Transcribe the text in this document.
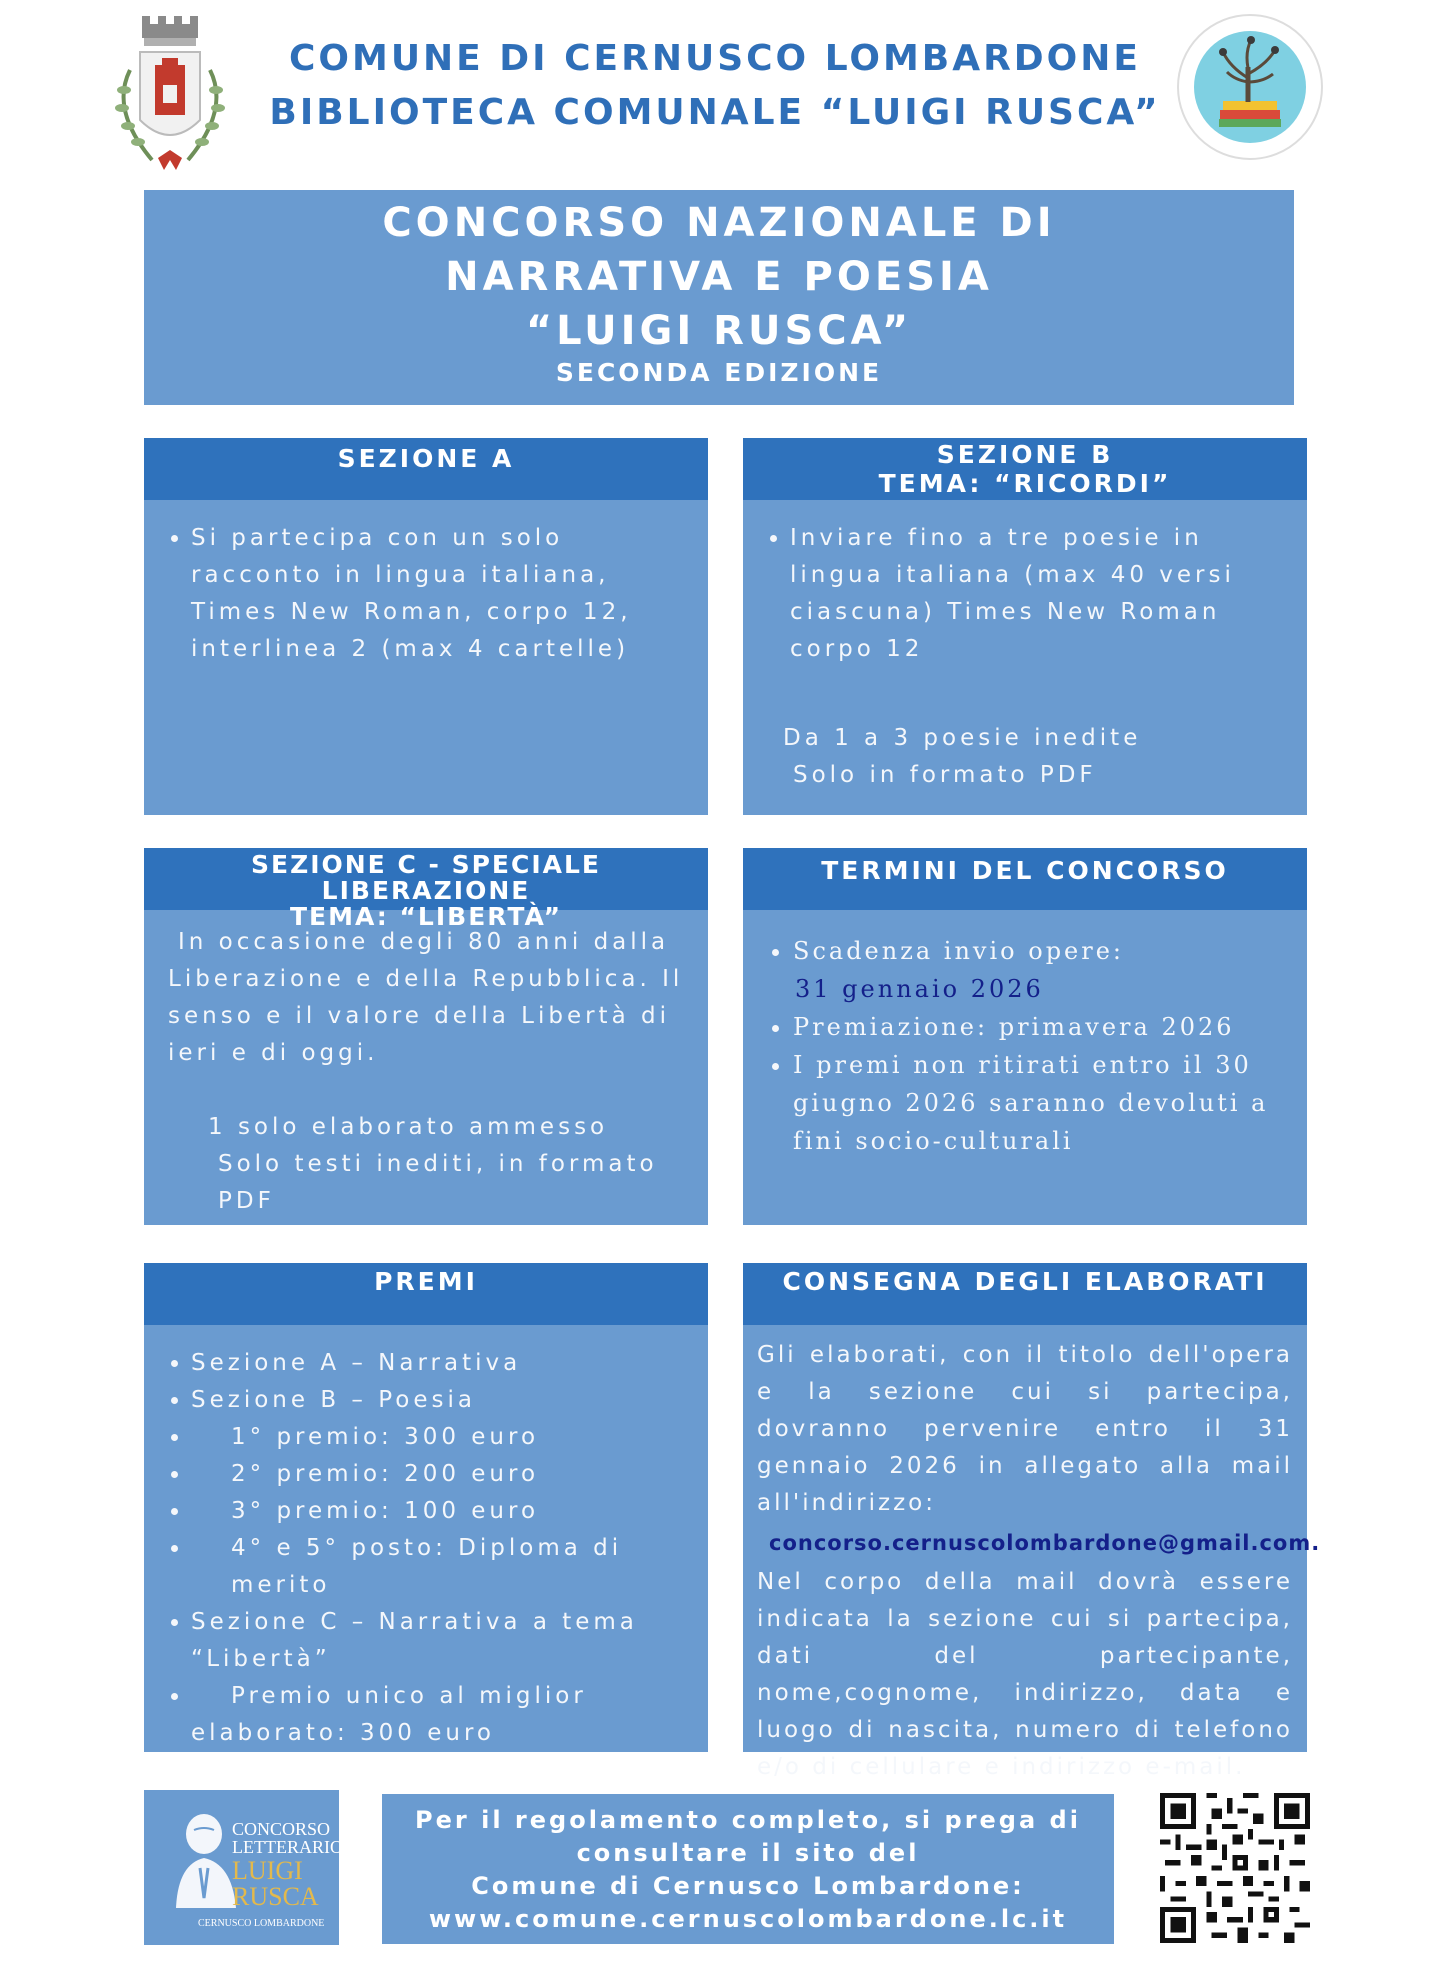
COMUNE DI CERNUSCO LOMBARDONE
BIBLIOTECA COMUNALE “LUIGI RUSCA”
CONCORSO NAZIONALE DI
NARRATIVA E POESIA
“LUIGI RUSCA”
SECONDA EDIZIONE
SEZIONE A
• Si partecipa con un solo racconto in lingua italiana, Times New Roman, corpo 12, interlinea 2 (max 4 cartelle)
SEZIONE B
TEMA: “RICORDI”
• Inviare fino a tre poesie in lingua italiana (max 40 versi ciascuna) Times New Roman corpo 12
Da 1 a 3 poesie inedite
Solo in formato PDF
SEZIONE C - SPECIALE LIBERAZIONE
TEMA: “LIBERTÀ”
In occasione degli 80 anni dalla Liberazione e della Repubblica. Il senso e il valore della Libertà di ieri e di oggi.
1 solo elaborato ammesso
Solo testi inediti, in formato PDF
TERMINI DEL CONCORSO
• Scadenza invio opere:
31 gennaio 2026
• Premiazione: primavera 2026
• I premi non ritirati entro il 30 giugno 2026 saranno devoluti a fini socio-culturali
PREMI
• Sezione A – Narrativa
• Sezione B – Poesia
• 1° premio: 300 euro
• 2° premio: 200 euro
• 3° premio: 100 euro
• 4° e 5° posto: Diploma di merito
• Sezione C – Narrativa a tema “Libertà”
• Premio unico al miglior elaborato: 300 euro
CONSEGNA DEGLI ELABORATI
Gli elaborati, con il titolo dell'opera e la sezione cui si partecipa, dovranno pervenire entro il 31 gennaio 2026 in allegato alla mail all'indirizzo:
concorso.cernuscolombardone@gmail.com.
Nel corpo della mail dovrà essere indicata la sezione cui si partecipa, dati del partecipante, nome,cognome, indirizzo, data e luogo di nascita, numero di telefono e/o di cellulare e indirizzo e-mail.
CONCORSO
LETTERARIO
LUIGI
RUSCA
CERNUSCO LOMBARDONE
Per il regolamento completo, si prega di
consultare il sito del
Comune di Cernusco Lombardone:
www.comune.cernuscolombardone.lc.it
